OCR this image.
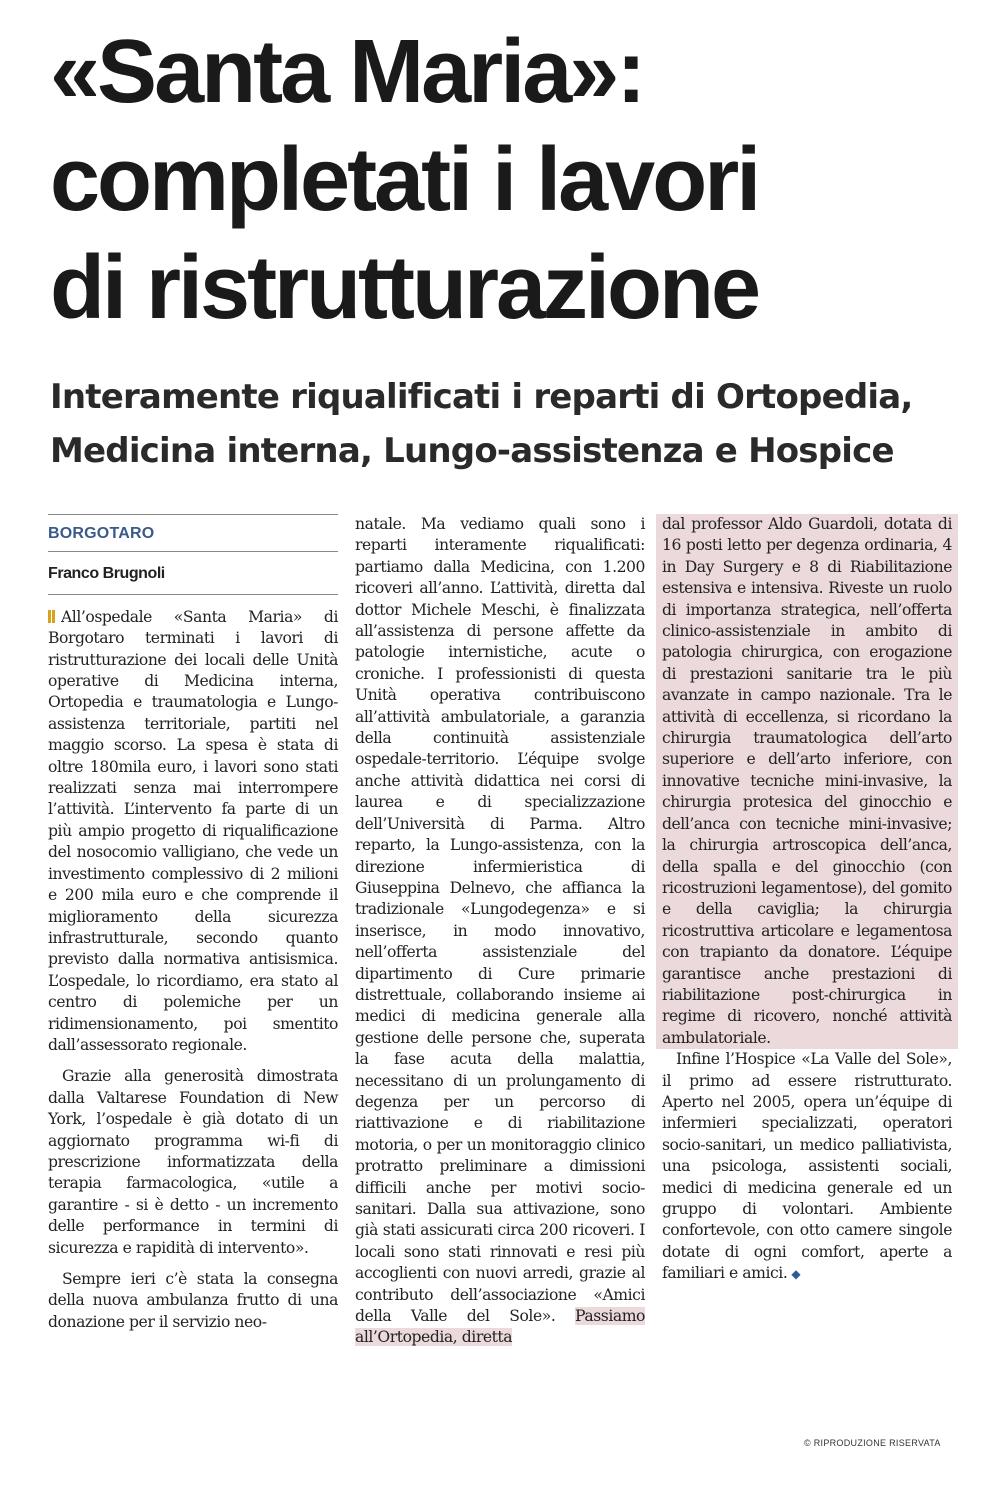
«Santa Maria»:
completati i lavori
di ristrutturazione
Interamente riqualificati i reparti di Ortopedia,
Medicina interna, Lungo-assistenza e Hospice
BORGOTARO
Franco Brugnoli

All’ospedale «Santa Maria» di Borgotaro terminati i lavori di ristrutturazione dei locali delle Unità operative di Medicina interna, Ortopedia e traumatologia e Lungo-assistenza territoriale, partiti nel maggio scorso. La spesa è stata di oltre 180mila euro, i lavori sono stati realizzati senza mai interrompere l’attività. L’intervento fa parte di un più ampio progetto di riqualificazione del nosocomio valligiano, che vede un investimento complessivo di 2 milioni e 200 mila euro e che comprende il miglioramento della sicurezza infrastrutturale, secondo quanto previsto dalla normativa antisismica. L’ospedale, lo ricordiamo, era stato al centro di polemiche per un ridimensionamento, poi smentito dall’assessorato regionale.

Grazie alla generosità dimostrata dalla Valtarese Foundation di New York, l’ospedale è già dotato di un aggiornato programma wi-fi di prescrizione informatizzata della terapia farmacologica, «utile a garantire - si è detto - un incremento delle performance in termini di sicurezza e rapidità di intervento».

Sempre ieri c’è stata la consegna della nuova ambulanza frutto di una donazione per il servizio neo-

natale. Ma vediamo quali sono i reparti interamente riqualificati: partiamo dalla Medicina, con 1.200 ricoveri all’anno. L’attività, diretta dal dottor Michele Meschi, è finalizzata all’assistenza di persone affette da patologie internistiche, acute o croniche. I professionisti di questa Unità operativa contribuiscono all’attività ambulatoriale, a garanzia della continuità assistenziale ospedale-territorio. L’équipe svolge anche attività didattica nei corsi di laurea e di specializzazione dell’Università di Parma. Altro reparto, la Lungo-assistenza, con la direzione infermieristica di Giuseppina Delnevo, che affianca la tradizionale «Lungodegenza» e si inserisce, in modo innovativo, nell’offerta assistenziale del dipartimento di Cure primarie distrettuale, collaborando insieme ai medici di medicina generale alla gestione delle persone che, superata la fase acuta della malattia, necessitano di un prolungamento di degenza per un percorso di riattivazione e di riabilitazione motoria, o per un monitoraggio clinico protratto preliminare a dimissioni difficili anche per motivi socio-sanitari. Dalla sua attivazione, sono già stati assicurati circa 200 ricoveri. I locali sono stati rinnovati e resi più accoglienti con nuovi arredi, grazie al contributo dell’associazione «Amici della Valle del Sole». Passiamo all’Ortopedia, diretta

dal professor Aldo Guardoli, dotata di 16 posti letto per degenza ordinaria, 4 in Day Surgery e 8 di Riabilitazione estensiva e intensiva. Riveste un ruolo di importanza strategica, nell’offerta clinico-assistenziale in ambito di patologia chirurgica, con erogazione di prestazioni sanitarie tra le più avanzate in campo nazionale. Tra le attività di eccellenza, si ricordano la chirurgia traumatologica dell’arto superiore e dell’arto inferiore, con innovative tecniche mini-invasive, la chirurgia protesica del ginocchio e dell’anca con tecniche mini-invasive; la chirurgia artroscopica dell’anca, della spalla e del ginocchio (con ricostruzioni legamentose), del gomito e della caviglia; la chirurgia ricostruttiva articolare e legamentosa con trapianto da donatore. L’équipe garantisce anche prestazioni di riabilitazione post-chirurgica in regime di ricovero, nonché attività ambulatoriale.

Infine l’Hospice «La Valle del Sole», il primo ad essere ristrutturato. Aperto nel 2005, opera un’équipe di infermieri specializzati, operatori socio-sanitari, un medico palliativista, una psicologa, assistenti sociali, medici di medicina generale ed un gruppo di volontari. Ambiente confortevole, con otto camere singole dotate di ogni comfort, aperte a familiari e amici. ◆

© RIPRODUZIONE RISERVATA
